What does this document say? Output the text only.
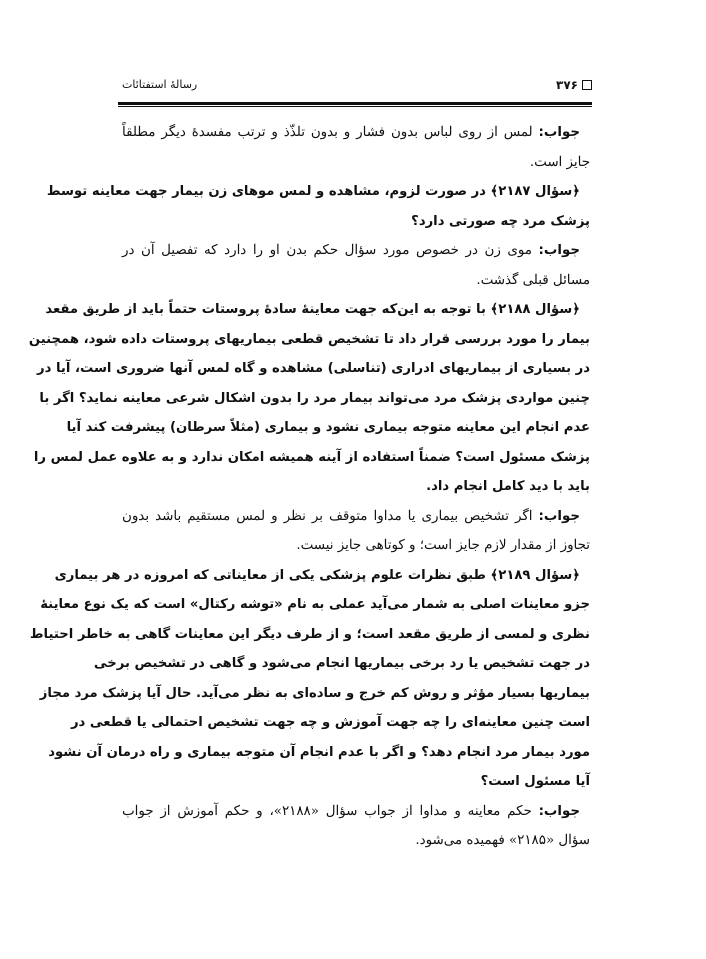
۳۷۶
رسالهٔ استفتائات
جواب: لمس از روی لباس بدون فشار و بدون تلذّذ و ترتب مفسدهٔ دیگر مطلقاً
جایز است.
﴿سؤال ۲۱۸۷﴾ در صورت لزوم، مشاهده و لمس موهای زن بیمار جهت معاینه توسط
پزشک مرد چه صورتی دارد؟
جواب: موی زن در خصوص مورد سؤال حکم بدن او را دارد که تفصیل آن در
مسائل قبلی گذشت.
﴿سؤال ۲۱۸۸﴾ با توجه به این‌که جهت معاینهٔ سادهٔ پروستات حتماً باید از طریق مقعد
بیمار را مورد بررسی قرار داد تا تشخیص قطعی بیماریهای پروستات داده شود، همچنین
در بسیاری از بیماریهای ادراری (تناسلی) مشاهده و گاه لمس آنها ضروری است، آیا در
چنین مواردی پزشک مرد می‌تواند بیمار مرد را بدون اشکال شرعی معاینه نماید؟ اگر با
عدم انجام این معاینه متوجه بیماری نشود و بیماری (مثلاً سرطان) پیشرفت کند آیا
پزشک مسئول است؟ ضمناً استفاده از آینه همیشه امکان ندارد و به علاوه عمل لمس را
باید با دید کامل انجام داد.
جواب: اگر تشخیص بیماری یا مداوا متوقف بر نظر و لمس مستقیم باشد بدون
تجاوز از مقدار لازم جایز است؛ و کوتاهی جایز نیست.
﴿سؤال ۲۱۸۹﴾ طبق نظرات علوم پزشکی یکی از معایناتی که امروزه در هر بیماری
جزو معاینات اصلی به شمار می‌آید عملی به نام «توشه رکتال» است که یک نوع معاینهٔ
نظری و لمسی از طریق مقعد است؛ و از طرف دیگر این معاینات گاهی به خاطر احتیاط
در جهت تشخیص یا رد برخی بیماریها انجام می‌شود و گاهی در تشخیص برخی
بیماریها بسیار مؤثر و روش کم خرج و ساده‌ای به نظر می‌آید. حال آیا پزشک مرد مجاز
است چنین معاینه‌ای را چه جهت آموزش و چه جهت تشخیص احتمالی یا قطعی در
مورد بیمار مرد انجام دهد؟ و اگر با عدم انجام آن متوجه بیماری و راه درمان آن نشود
آیا مسئول است؟
جواب: حکم معاینه و مداوا از جواب سؤال «۲۱۸۸»، و حکم آموزش از جواب
سؤال «۲۱۸۵» فهمیده می‌شود.
